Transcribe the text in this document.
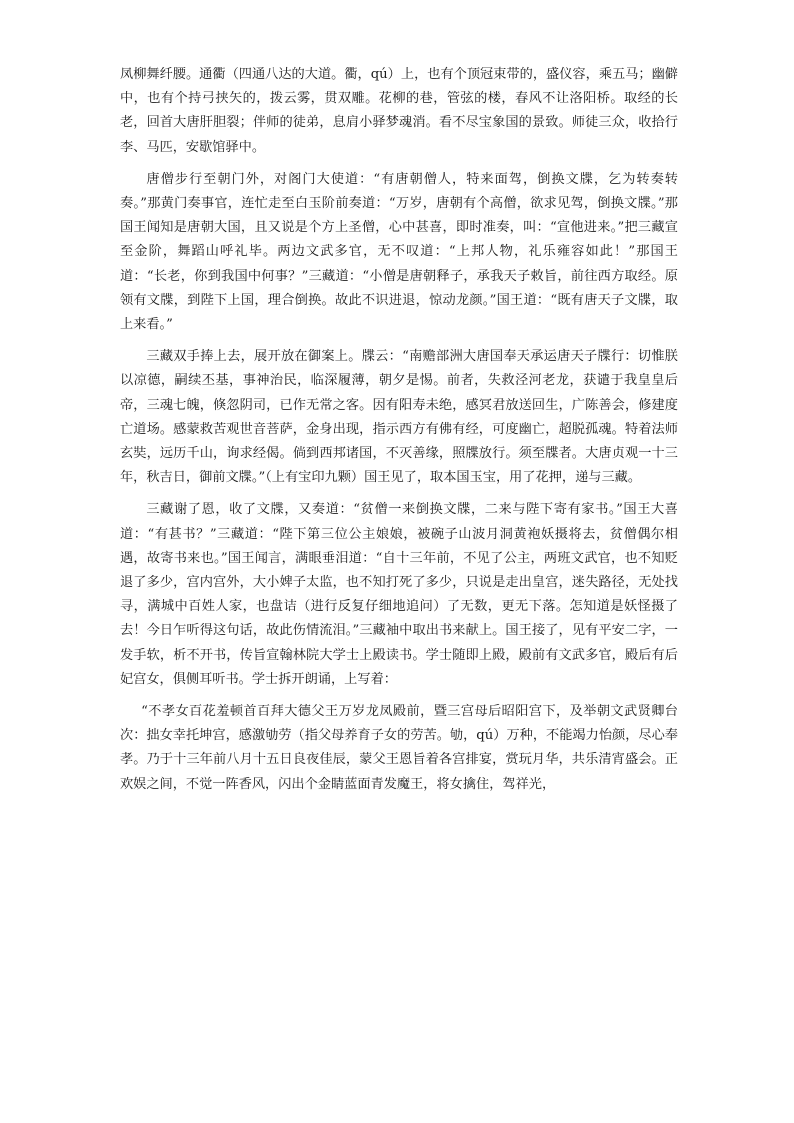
凤柳舞纤腰。通衢（四通八达的大道。衢，qú）上，也有个顶冠束带的，盛仪容，乘五马；幽僻中，也有个持弓挟矢的，拨云雾，贯双雕。花柳的巷，管弦的楼，春风不让洛阳桥。取经的长老，回首大唐肝胆裂；伴师的徒弟，息肩小驿梦魂消。看不尽宝象国的景致。师徒三众，收拾行李、马匹，安歇馆驿中。

唐僧步行至朝门外，对阁门大使道：“有唐朝僧人，特来面驾，倒换文牒，乞为转奏转奏。”那黄门奏事官，连忙走至白玉阶前奏道：“万岁，唐朝有个高僧，欲求见驾，倒换文牒。”那国王闻知是唐朝大国，且又说是个方上圣僧，心中甚喜，即时准奏，叫：“宣他进来。”把三藏宣至金阶，舞蹈山呼礼毕。两边文武多官，无不叹道：“上邦人物，礼乐雍容如此！”那国王道：“长老，你到我国中何事？”三藏道：“小僧是唐朝释子，承我天子敕旨，前往西方取经。原领有文牒，到陛下上国，理合倒换。故此不识进退，惊动龙颜。”国王道：“既有唐天子文牒，取上来看。”

三藏双手捧上去，展开放在御案上。牒云：“南赡部洲大唐国奉天承运唐天子牒行：切惟朕以凉德，嗣续丕基，事神治民，临深履薄，朝夕是惕。前者，失救泾河老龙，获谴于我皇皇后帝，三魂七魄，倏忽阴司，已作无常之客。因有阳寿未绝，感冥君放送回生，广陈善会，修建度亡道场。感蒙救苦观世音菩萨，金身出现，指示西方有佛有经，可度幽亡，超脱孤魂。特着法师玄奘，远历千山，询求经偈。倘到西邦诸国，不灭善缘，照牒放行。须至牒者。大唐贞观一十三年，秋吉日，御前文牒。”（上有宝印九颗）国王见了，取本国玉宝，用了花押，递与三藏。

三藏谢了恩，收了文牒，又奏道：“贫僧一来倒换文牒，二来与陛下寄有家书。”国王大喜道：“有甚书？”三藏道：“陛下第三位公主娘娘，被碗子山波月洞黄袍妖摄将去，贫僧偶尔相遇，故寄书来也。”国王闻言，满眼垂泪道：“自十三年前，不见了公主，两班文武官，也不知贬退了多少，宫内宫外，大小婢子太监，也不知打死了多少，只说是走出皇宫，迷失路径，无处找寻，满城中百姓人家，也盘诘（进行反复仔细地追问）了无数，更无下落。怎知道是妖怪摄了去！今日乍听得这句话，故此伤情流泪。”三藏袖中取出书来献上。国王接了，见有平安二字，一发手软，析不开书，传旨宣翰林院大学士上殿读书。学士随即上殿，殿前有文武多官，殿后有后妃宫女，俱侧耳听书。学士拆开朗诵，上写着：

“不孝女百花羞顿首百拜大德父王万岁龙凤殿前，暨三宫母后昭阳宫下，及举朝文武贤卿台次：拙女幸托坤宫，感激劬劳（指父母养育子女的劳苦。劬，qú）万种，不能竭力怡颜，尽心奉孝。乃于十三年前八月十五日良夜佳辰，蒙父王恩旨着各宫排宴，赏玩月华，共乐清宵盛会。正欢娱之间，不觉一阵香风，闪出个金睛蓝面青发魔王，将女擒住，驾祥光，
